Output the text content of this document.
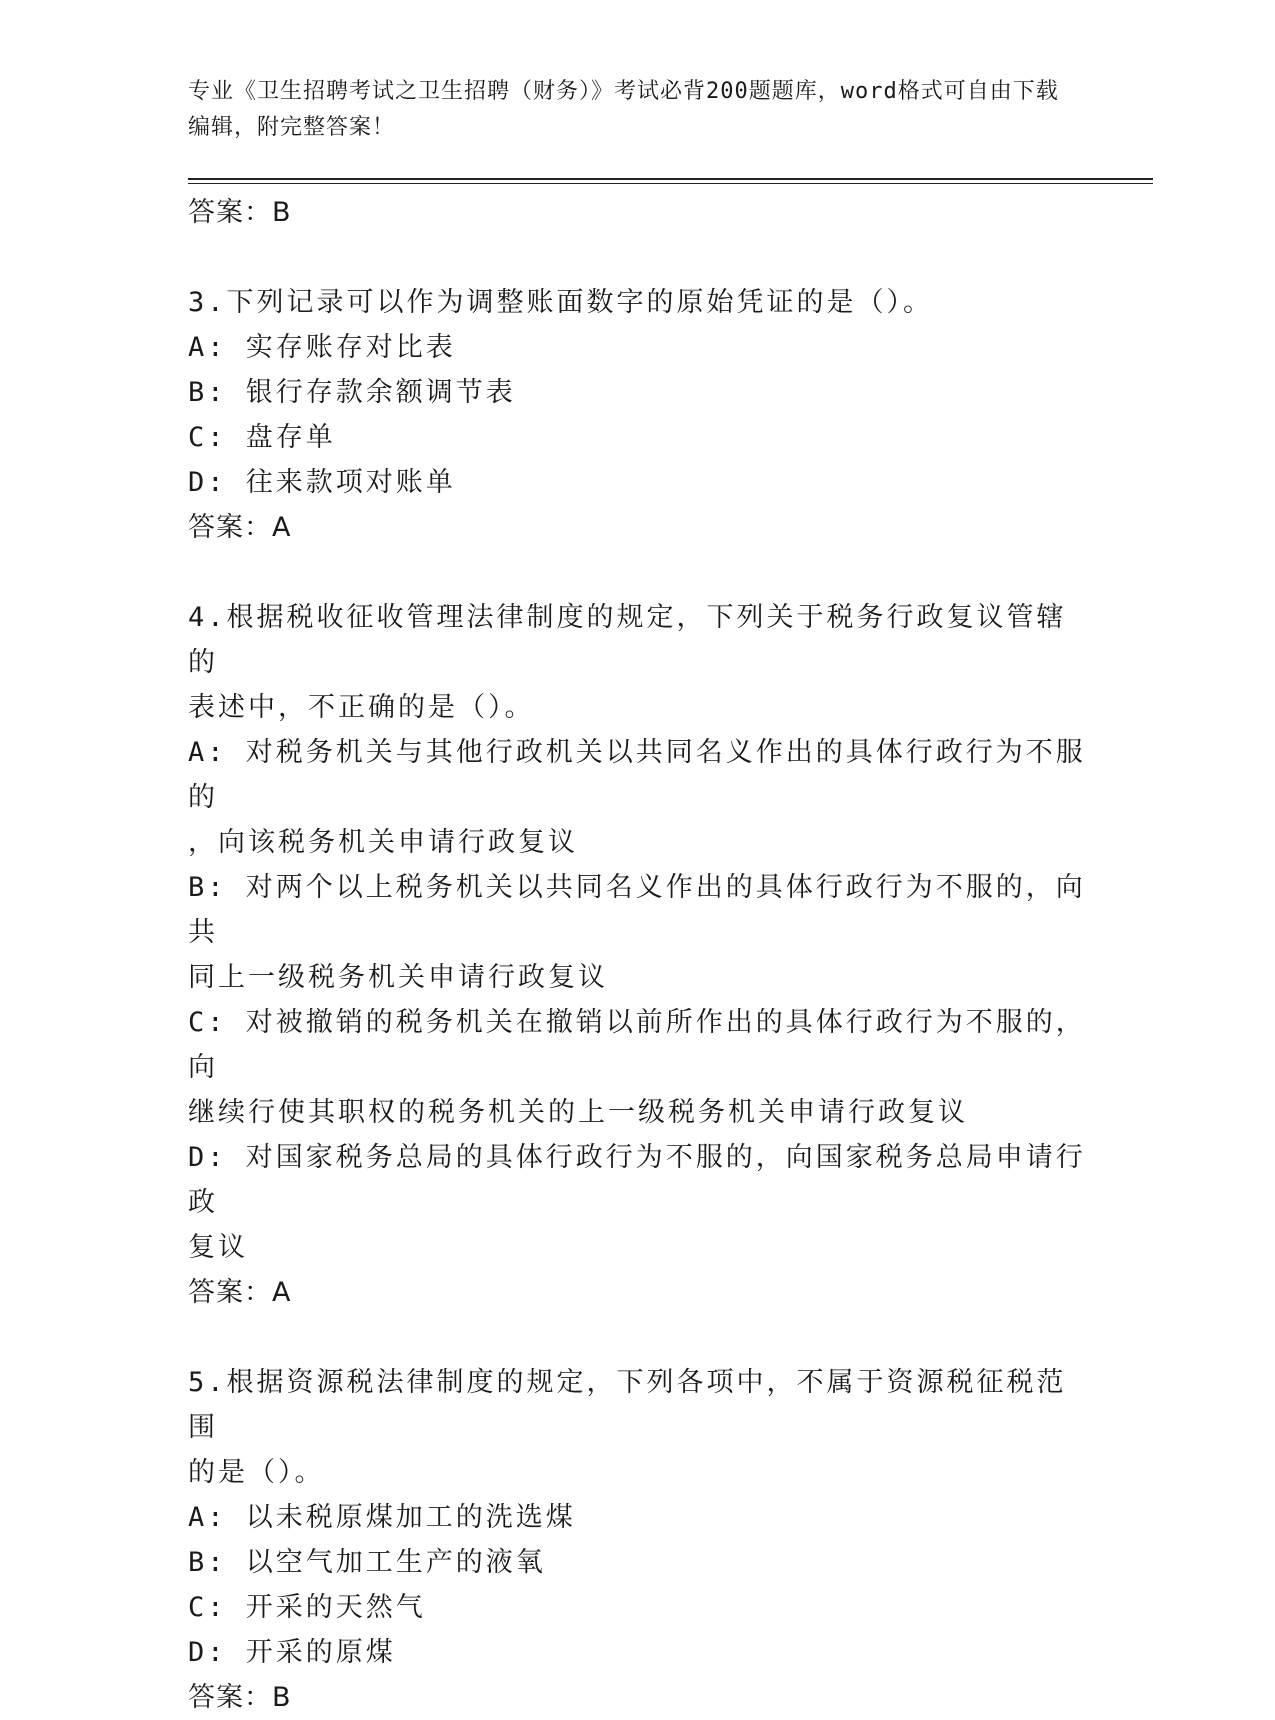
专业《卫生招聘考试之卫生招聘（财务）》考试必背200题题库，word格式可自由下载编辑，附完整答案！

答案：B

3.下列记录可以作为调整账面数字的原始凭证的是（）。

A: 实存账存对比表

B: 银行存款余额调节表

C: 盘存单

D: 往来款项对账单

答案：A

4.根据税收征收管理法律制度的规定，下列关于税务行政复议管辖的

表述中，不正确的是（）。

A: 对税务机关与其他行政机关以共同名义作出的具体行政行为不服的

，向该税务机关申请行政复议

B: 对两个以上税务机关以共同名义作出的具体行政行为不服的，向共

同上一级税务机关申请行政复议

C: 对被撤销的税务机关在撤销以前所作出的具体行政行为不服的，向

继续行使其职权的税务机关的上一级税务机关申请行政复议

D: 对国家税务总局的具体行政行为不服的，向国家税务总局申请行政

复议

答案：A

5.根据资源税法律制度的规定，下列各项中，不属于资源税征税范围

的是（）。

A: 以未税原煤加工的洗选煤

B: 以空气加工生产的液氧

C: 开采的天然气

D: 开采的原煤

答案：B
